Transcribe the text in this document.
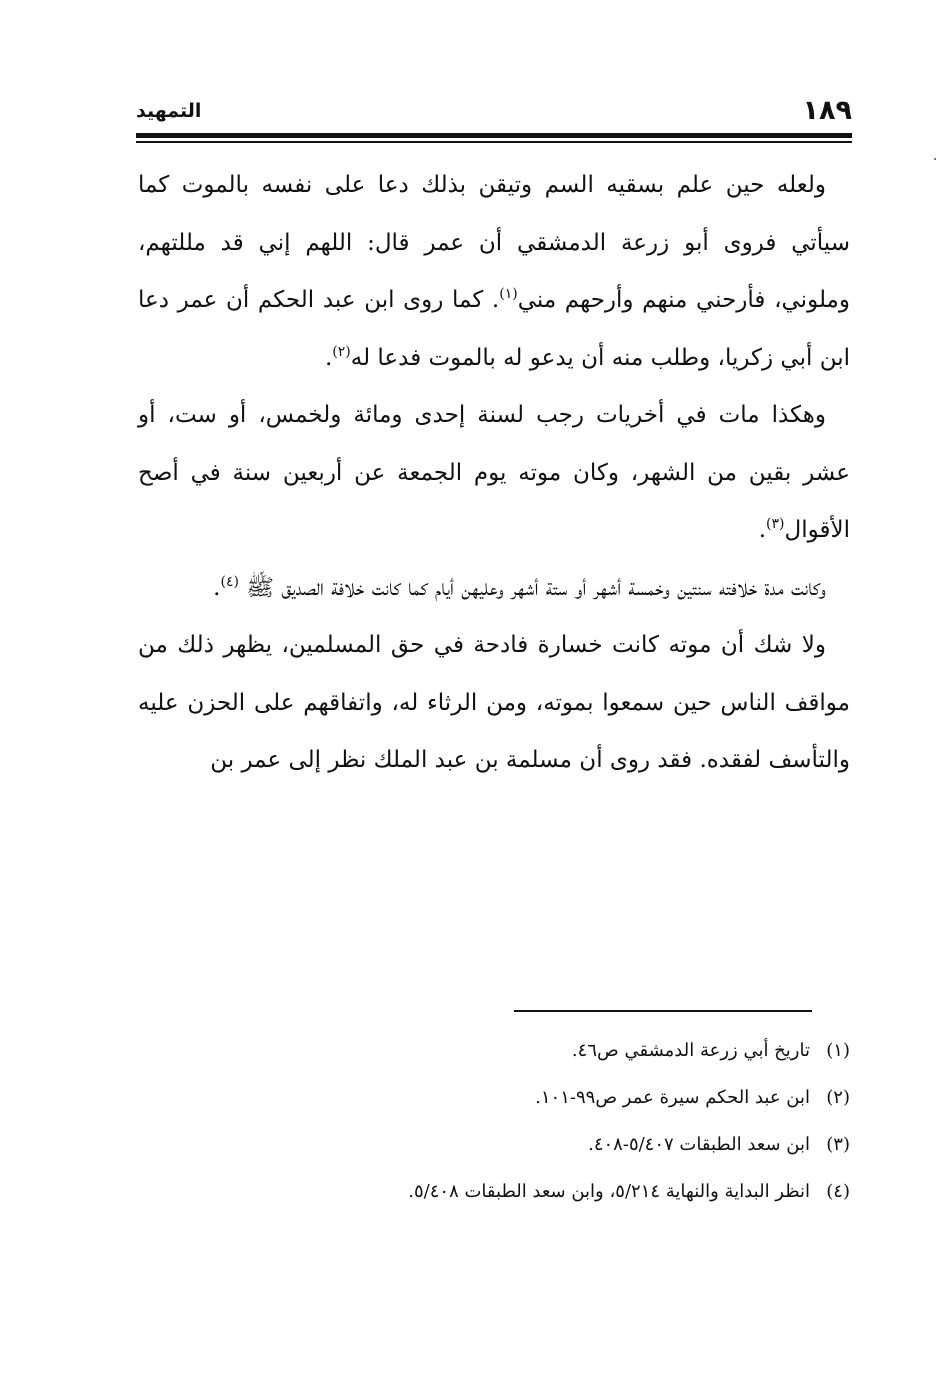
١٨٩
التمهيد

ولعله حين علم بسقيه السم وتيقن بذلك دعا على نفسه بالموت كما سيأتي فروى أبو زرعة الدمشقي أن عمر قال: اللهم إني قد مللتهم، وملوني، فأرحني منهم وأرحهم مني$^{(١)}$. كما روى ابن عبد الحكم أن عمر دعا ابن أبي زكريا، وطلب منه أن يدعو له بالموت فدعا له$^{(٢)}$.

وهكذا مات في أخريات رجب لسنة إحدى ومائة ولخمس، أو ست، أو عشر بقين من الشهر، وكان موته يوم الجمعة عن أربعين سنة في أصح الأقوال$^{(٣)}$.

وكانت مدة خلافته سنتين وخمسة أشهر أو ستة أشهر وعليهن أيام كما كانت خلافة الصديق ﷺ $^{(٤)}$.

ولا شك أن موته كانت خسارة فادحة في حق المسلمين، يظهر ذلك من مواقف الناس حين سمعوا بموته، ومن الرثاء له، واتفاقهم على الحزن عليه والتأسف لفقده. فقد روى أن مسلمة بن عبد الملك نظر إلى عمر بن

(١)تاريخ أبي زرعة الدمشقي ص٤٦.
(٢)ابن عبد الحكم سيرة عمر ص٩٩-١٠١.
(٣)ابن سعد الطبقات ٥/٤٠٧-٤٠٨.
(٤)انظر البداية والنهاية ٥/٢١٤، وابن سعد الطبقات ٥/٤٠٨.
